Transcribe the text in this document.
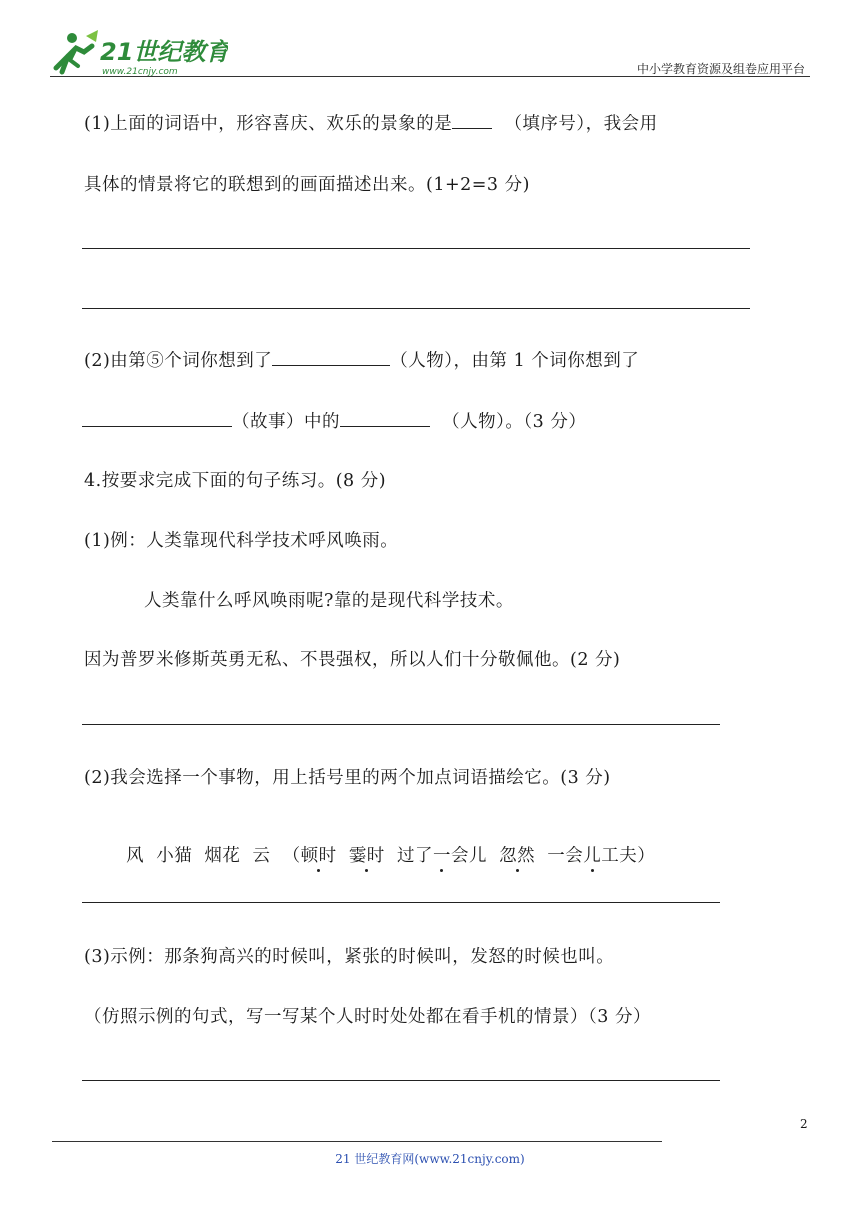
21世纪教育
www.21cnjy.com	中小学教育资源及组卷应用平台
(1)上面的词语中，形容喜庆、欢乐的景象的是	（填序号），我会用
具体的情景将它的联想到的画面描述出来。(1+2=3 分)
(2)由第⑤个词你想到了	（人物），由第 1 个词你想到了
（故事）中的	（人物）。（3 分）
4.按要求完成下面的句子练习。(8 分)
(1)例：人类靠现代科学技术呼风唤雨。
人类靠什么呼风唤雨呢?靠的是现代科学技术。
因为普罗米修斯英勇无私、不畏强权，所以人们十分敬佩他。(2 分)
(2)我会选择一个事物，用上括号里的两个加点词语描绘它。(3 分)

风  小猫  烟花  云 （顿时 霎时 过了一会儿 忽然 一会儿工夫）

(3)示例：那条狗高兴的时候叫，紧张的时候叫，发怒的时候也叫。
（仿照示例的句式，写一写某个人时时处处都在看手机的情景）（3 分）
2
21 世纪教育网(www.21cnjy.com)
